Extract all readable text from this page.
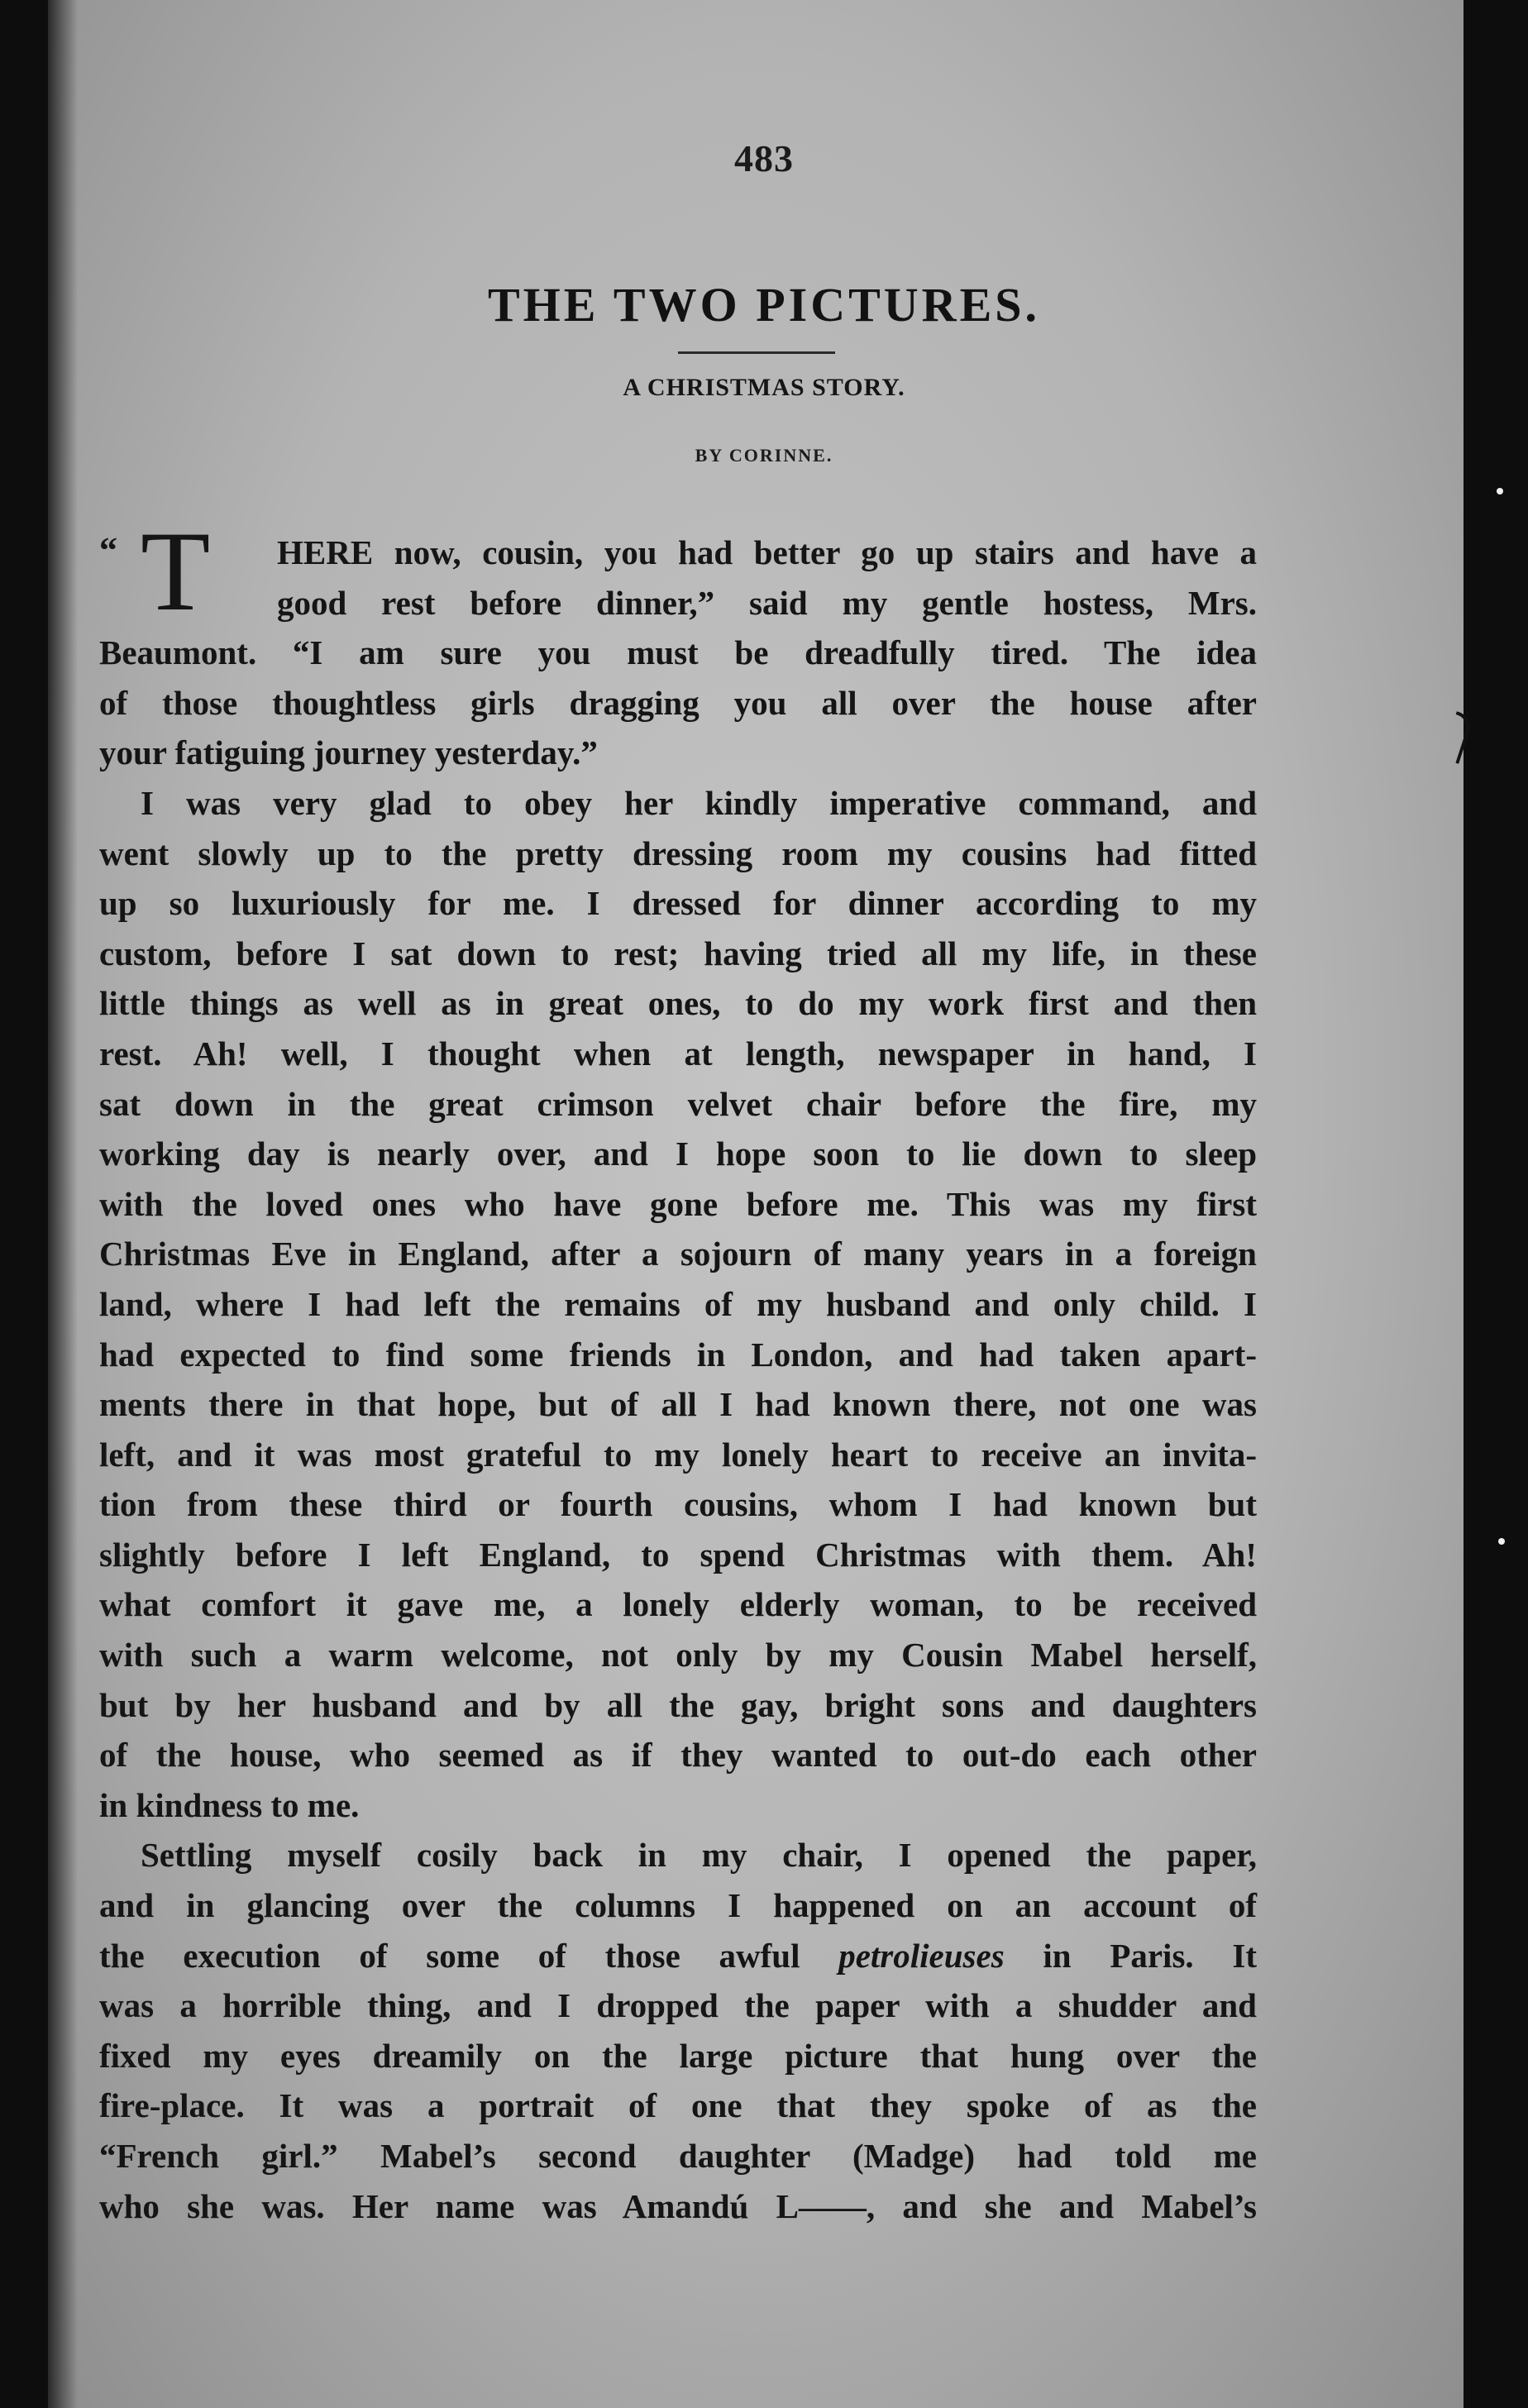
483
THE TWO PICTURES.
A CHRISTMAS STORY.
BY CORINNE.
“ T	HERE now, cousin, you had better go up stairs and have a
good rest before dinner,” said my gentle hostess, Mrs.
Beaumont. “I am sure you must be dreadfully tired. The idea
of those thoughtless girls dragging you all over the house after
your fatiguing journey yesterday.”
I was very glad to obey her kindly imperative command, and
went slowly up to the pretty dressing room my cousins had fitted
up so luxuriously for me. I dressed for dinner according to my
custom, before I sat down to rest; having tried all my life, in these
little things as well as in great ones, to do my work first and then
rest. Ah! well, I thought when at length, newspaper in hand, I
sat down in the great crimson velvet chair before the fire, my
working day is nearly over, and I hope soon to lie down to sleep
with the loved ones who have gone before me. This was my first
Christmas Eve in England, after a sojourn of many years in a foreign
land, where I had left the remains of my husband and only child. I
had expected to find some friends in London, and had taken apart-
ments there in that hope, but of all I had known there, not one was
left, and it was most grateful to my lonely heart to receive an invita-
tion from these third or fourth cousins, whom I had known but
slightly before I left England, to spend Christmas with them. Ah!
what comfort it gave me, a lonely elderly woman, to be received
with such a warm welcome, not only by my Cousin Mabel herself,
but by her husband and by all the gay, bright sons and daughters
of the house, who seemed as if they wanted to out-do each other
in kindness to me.
Settling myself cosily back in my chair, I opened the paper,
and in glancing over the columns I happened on an account of
the execution of some of those awful petrolieuses in Paris. It
was a horrible thing, and I dropped the paper with a shudder and
fixed my eyes dreamily on the large picture that hung over the
fire-place. It was a portrait of one that they spoke of as the
“French girl.” Mabel’s second daughter (Madge) had told me
who she was. Her name was Amandú L——, and she and Mabel’s
